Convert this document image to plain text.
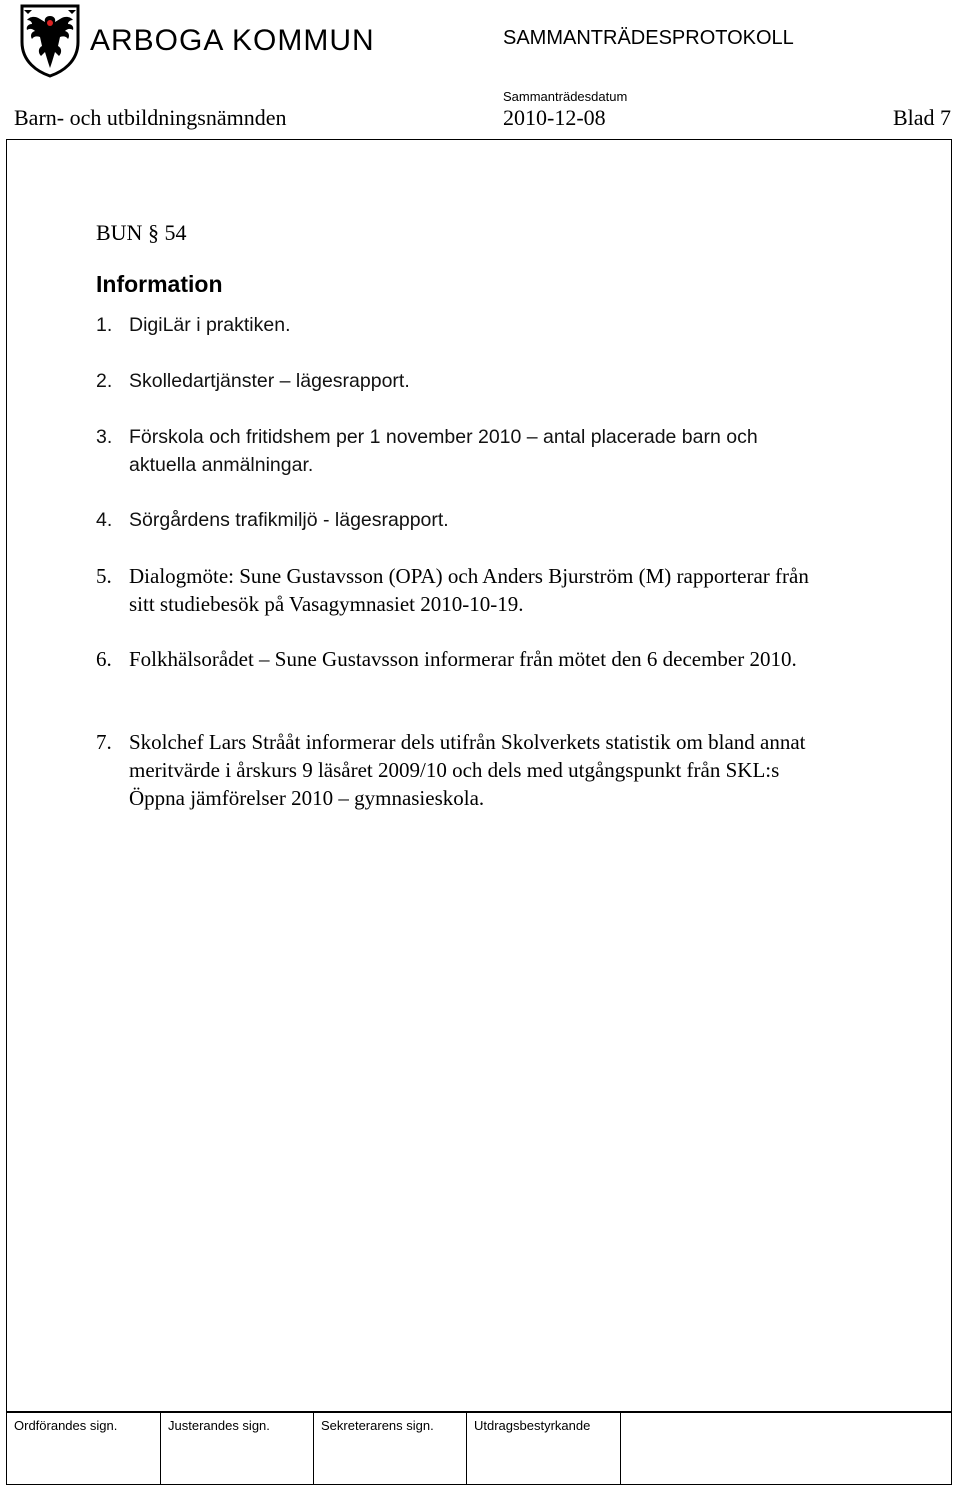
ARBOGA KOMMUN	SAMMANTRÄDESPROTOKOLL
Sammanträdesdatum
Barn- och utbildningsnämnden	2010-12-08	Blad 7
BUN § 54
Information
1. DigiLär i praktiken.
2. Skolledartjänster – lägesrapport.
3. Förskola och fritidshem per 1 november 2010 – antal placerade barn och aktuella anmälningar.
4. Sörgårdens trafikmiljö - lägesrapport.
5. Dialogmöte: Sune Gustavsson (OPA) och Anders Bjurström (M) rapporterar från sitt studiebesök på Vasagymnasiet 2010-10-19.
6. Folkhälsorådet – Sune Gustavsson informerar från mötet den 6 december 2010.
7. Skolchef Lars Strååt informerar dels utifrån Skolverkets statistik om bland annat meritvärde i årskurs 9 läsåret 2009/10 och dels med utgångspunkt från SKL:s Öppna jämförelser 2010 – gymnasieskola.
Ordförandes sign.	Justerandes sign.	Sekreterarens sign.	Utdragsbestyrkande
